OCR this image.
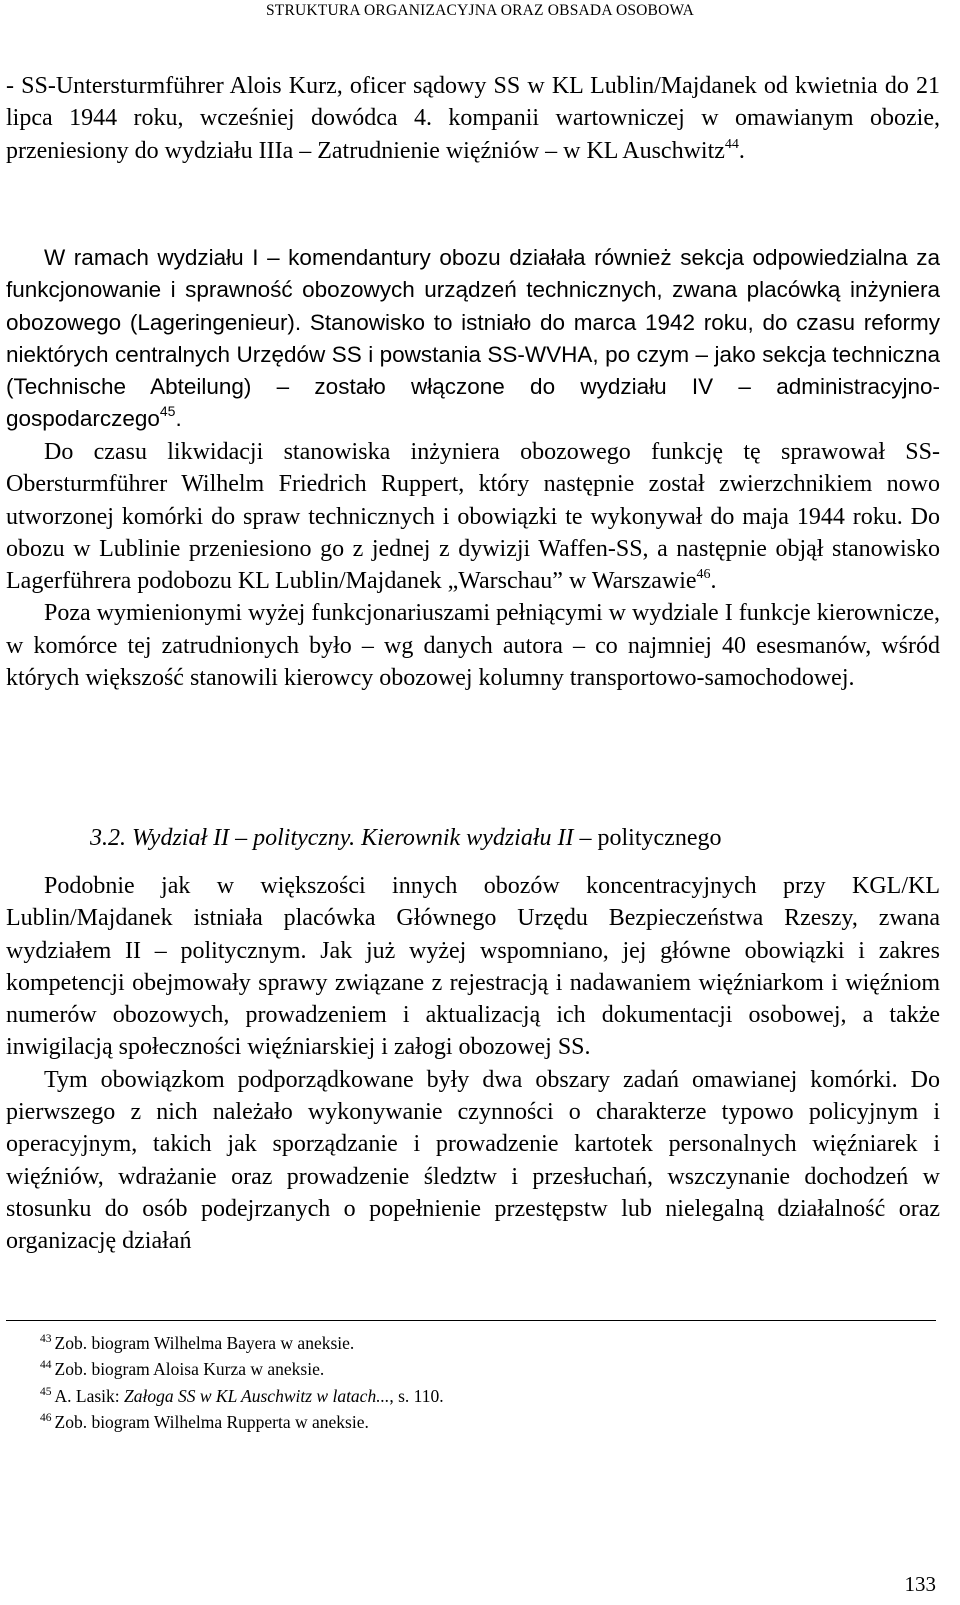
STRUKTURA ORGANIZACYJNA ORAZ OBSADA OSOBOWA

- SS-Untersturmführer Alois Kurz, oficer sądowy SS w KL Lublin/Majdanek od kwietnia do 21 lipca 1944 roku, wcześniej dowódca 4. kompanii wartowniczej w omawianym obozie, przeniesiony do wydziału IIIa – Zatrudnienie więźniów – w KL Auschwitz$^{44}$.

W ramach wydziału I – komendantury obozu działała również sekcja odpowiedzialna za funkcjonowanie i sprawność obozowych urządzeń technicznych, zwana placówką inżyniera obozowego (Lageringenieur). Stanowisko to istniało do marca 1942 roku, do czasu reformy niektórych centralnych Urzędów SS i powstania SS-WVHA, po czym – jako sekcja techniczna (Technische Abteilung) – zostało włączone do wydziału IV – administracyjno-gospodarczego$^{45}$.

Do czasu likwidacji stanowiska inżyniera obozowego funkcję tę sprawował SS-Obersturmführer Wilhelm Friedrich Ruppert, który następnie został zwierzchnikiem nowo utworzonej komórki do spraw technicznych i obowiązki te wykonywał do maja 1944 roku. Do obozu w Lublinie przeniesiono go z jednej z dywizji Waffen-SS, a następnie objął stanowisko Lagerführera podobozu KL Lublin/Majdanek „Warschau” w Warszawie$^{46}$.

Poza wymienionymi wyżej funkcjonariuszami pełniącymi w wydziale I funkcje kierownicze, w komórce tej zatrudnionych było – wg danych autora – co najmniej 40 esesmanów, wśród których większość stanowili kierowcy obozowej kolumny transportowo-samochodowej.

3.2. Wydział II – polityczny. Kierownik wydziału II – politycznego

Podobnie jak w większości innych obozów koncentracyjnych przy KGL/KL Lublin/Majdanek istniała placówka Głównego Urzędu Bezpieczeństwa Rzeszy, zwana wydziałem II – politycznym. Jak już wyżej wspomniano, jej główne obowiązki i zakres kompetencji obejmowały sprawy związane z rejestracją i nadawaniem więźniarkom i więźniom numerów obozowych, prowadzeniem i aktualizacją ich dokumentacji osobowej, a także inwigilacją społeczności więźniarskiej i załogi obozowej SS.

Tym obowiązkom podporządkowane były dwa obszary zadań omawianej komórki. Do pierwszego z nich należało wykonywanie czynności o charakterze typowo policyjnym i operacyjnym, takich jak sporządzanie i prowadzenie kartotek personalnych więźniarek i więźniów, wdrażanie oraz prowadzenie śledztw i przesłuchań, wszczynanie dochodzeń w stosunku do osób podejrzanych o popełnienie przestępstw lub nielegalną działalność oraz organizację działań

$^{43}$ Zob. biogram Wilhelma Bayera w aneksie.
$^{44}$ Zob. biogram Aloisa Kurza w aneksie.
$^{45}$ A. Lasik: Załoga SS w KL Auschwitz w latach..., s. 110.
$^{46}$ Zob. biogram Wilhelma Rupperta w aneksie.
133
